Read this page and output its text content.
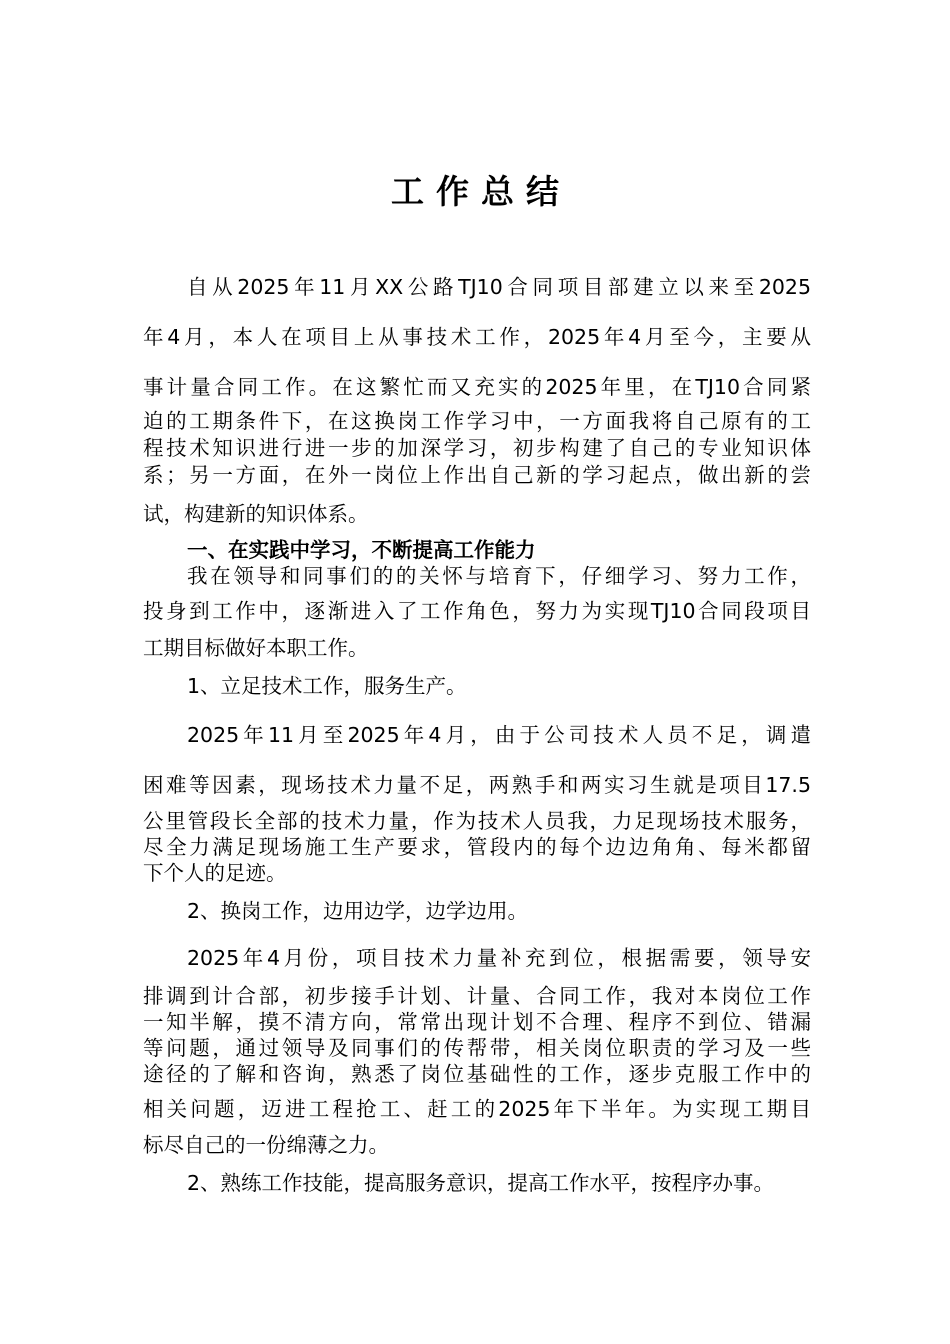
工作总结
自从2025年11月XX公路TJ10合同项目部建立以来至2025
年4月，本人在项目上从事技术工作，2025年4月至今，主要从
事计量合同工作。在这繁忙而又充实的2025年里，在TJ10合同紧
迫的工期条件下，在这换岗工作学习中，一方面我将自己原有的工
程技术知识进行进一步的加深学习，初步构建了自己的专业知识体
系；另一方面，在外一岗位上作出自己新的学习起点，做出新的尝
试，构建新的知识体系。
一、在实践中学习，不断提高工作能力
我在领导和同事们的的关怀与培育下，仔细学习、努力工作，
投身到工作中，逐渐进入了工作角色，努力为实现TJ10合同段项目
工期目标做好本职工作。
1、立足技术工作，服务生产。
2025年11月至2025年4月，由于公司技术人员不足，调遣
困难等因素，现场技术力量不足，两熟手和两实习生就是项目17.5
公里管段长全部的技术力量，作为技术人员我，力足现场技术服务，
尽全力满足现场施工生产要求，管段内的每个边边角角、每米都留
下个人的足迹。
2、换岗工作，边用边学，边学边用。
2025年4月份，项目技术力量补充到位，根据需要，领导安
排调到计合部，初步接手计划、计量、合同工作，我对本岗位工作
一知半解，摸不清方向，常常出现计划不合理、程序不到位、错漏
等问题，通过领导及同事们的传帮带，相关岗位职责的学习及一些
途径的了解和咨询，熟悉了岗位基础性的工作，逐步克服工作中的
相关问题，迈进工程抢工、赶工的2025年下半年。为实现工期目
标尽自己的一份绵薄之力。
2、熟练工作技能，提高服务意识，提高工作水平，按程序办事。
